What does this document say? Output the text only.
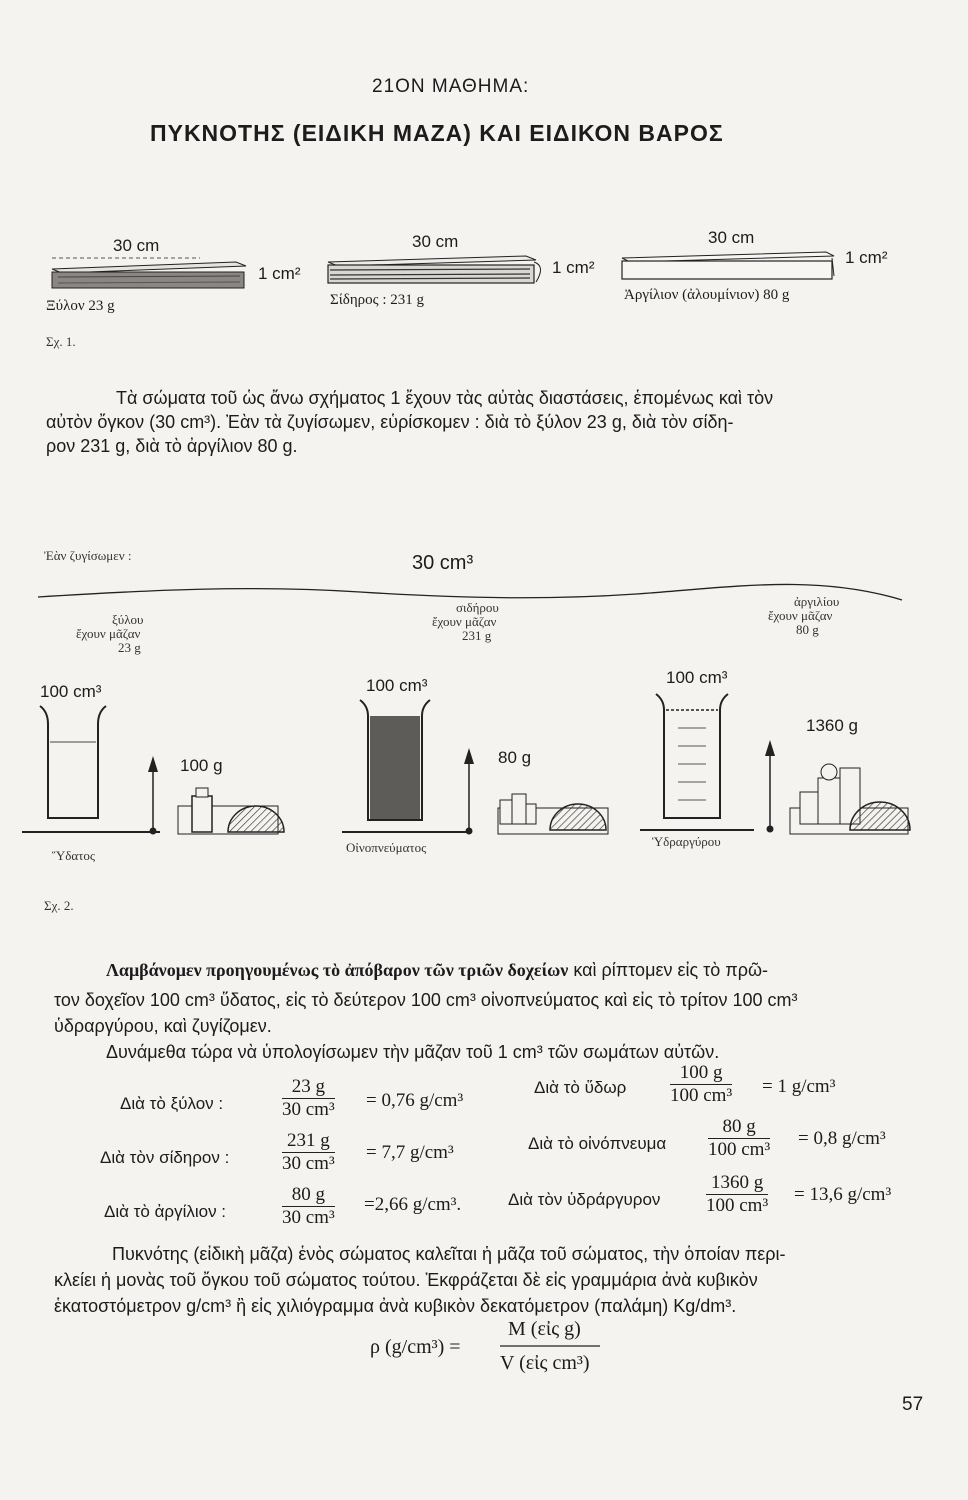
21ΟΝ ΜΑΘΗΜΑ:
ΠΥΚΝΟΤΗΣ (ΕΙΔΙΚΗ ΜΑΖΑ) ΚΑΙ ΕΙΔΙΚΟΝ ΒΑΡΟΣ
30 cm
1 cm²
Ξύλον 23 g
30 cm
1 cm²
Σίδηρος : 231 g
30 cm
1 cm²
Ἀργίλιον (ἀλουμίνιον) 80 g
Σχ. 1.
Τὰ σώματα τοῦ ὡς ἄνω σχήματος 1 ἔχουν τὰς αὐτὰς διαστάσεις, ἑπομένως καὶ τὸν
αὐτὸν ὄγκον (30 cm³). Ἐὰν τὰ ζυγίσωμεν, εὑρίσκομεν : διὰ τὸ ξύλον 23 g, διὰ τὸν σίδη-
ρον 231 g, διὰ τὸ ἀργίλιον 80 g.
Ἐὰν ζυγίσωμεν :	30 cm³
ξύλου
ἔχουν μᾶζαν
23 g
σιδήρου
ἔχουν μᾶζαν
231 g
ἀργιλίου
ἔχουν μᾶζαν
80 g
100 cm³
100 g
Ὕδατος
100 cm³
80 g
Οἰνοπνεύματος
100 cm³
1360 g
Ὑδραργύρου
Σχ. 2.
Λαμβάνομεν προηγουμένως τὸ ἀπόβαρον τῶν τριῶν δοχείων καὶ ρίπτομεν εἰς τὸ πρῶ-
τον δοχεῖον 100 cm³ ὕδατος, εἰς τὸ δεύτερον 100 cm³ οἰνοπνεύματος καὶ εἰς τὸ τρίτον 100 cm³
ὑδραργύρου, καὶ ζυγίζομεν.
Δυνάμεθα τώρα νὰ ὑπολογίσωμεν τὴν μᾶζαν τοῦ 1 cm³ τῶν σωμάτων αὐτῶν.
Διὰ τὸ ξύλον :	$\frac{23 g}{\text{30 cm³}} = 0,76$ g/cm³
Διὰ τὸ ὕδωρ $\frac{100 g}{\text{100 cm³}} = 1$ g/cm³
Διὰ τὸν σίδηρον :	$\frac{231 g}{\text{30 cm³}} = 7,7$ g/cm³	Διὰ τὸ οἰνόπνευμα $\frac{80 g}{\text{100 cm³}} = 0,8$ g/cm³
Διὰ τὸ ἀργίλιον :	$\frac{80 g}{\text{30 cm³}} =2,66$ g/cm³.	Διὰ τὸν ὑδράργυρον $\frac{1360 g}{\text{100 cm³}} = 13,6$ g/cm³
Πυκνότης (εἰδικὴ μᾶζα) ἑνὸς σώματος καλεῖται ἡ μᾶζα τοῦ σώματος, τὴν ὁποίαν περι-
κλείει ἡ μονὰς τοῦ ὄγκου τοῦ σώματος τούτου. Ἐκφράζεται δὲ εἰς γραμμάρια ἀνὰ κυβικὸν
ἑκατοστόμετρον g/cm³ ἢ εἰς χιλιόγραμμα ἀνὰ κυβικὸν δεκατόμετρον (παλάμη) Kg/dm³.
ρ (g/cm³) =
M (εἰς g)
V (εἰς cm³)
57
